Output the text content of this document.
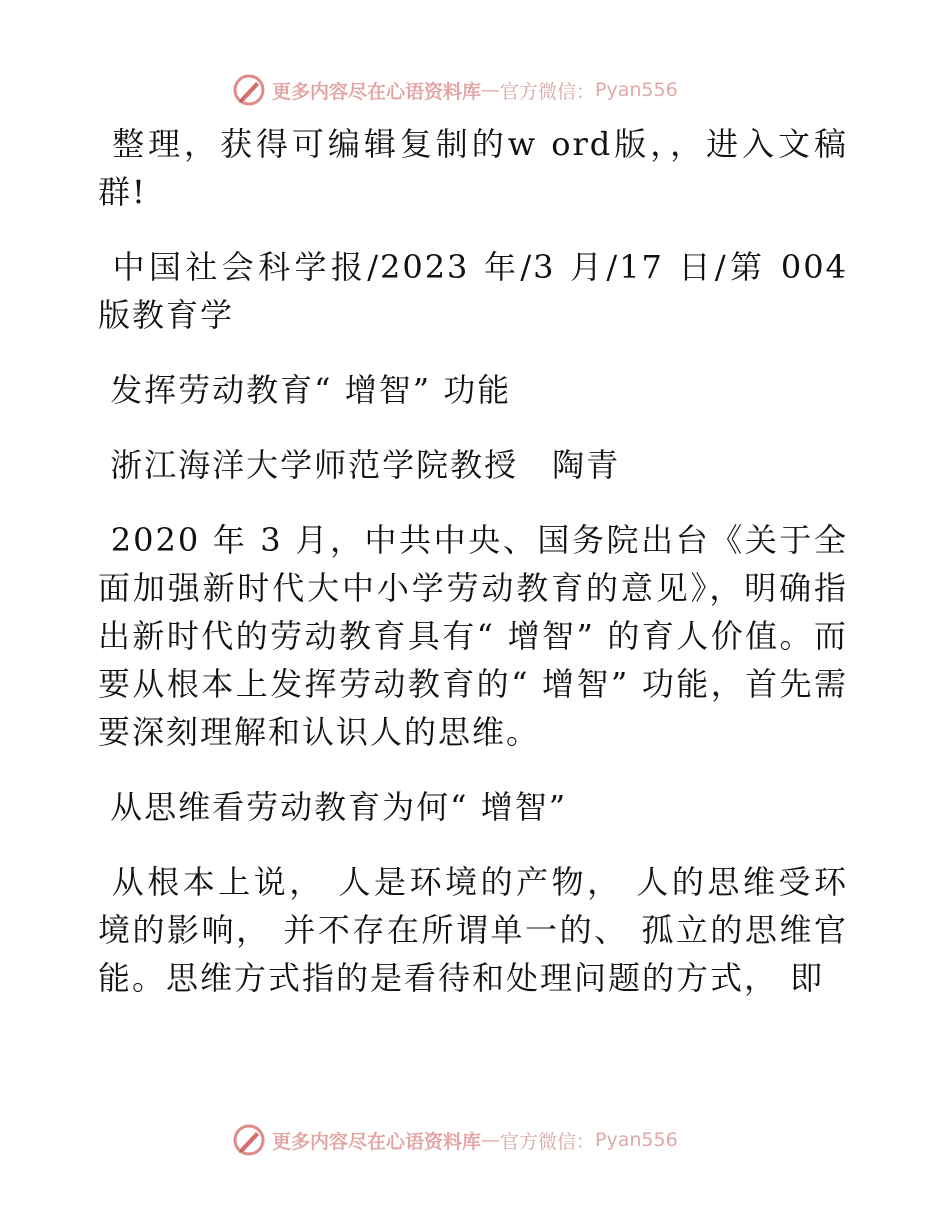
更多内容尽在心语资料库 — 官方微信： Pyan556

整理，获得可编辑复制的w ord版，，进入文稿群!

中国社会科学报/2023 年/3 月/17 日/第 004 版教育学

发挥劳动教育“ 增智” 功能

浙江海洋大学师范学院教授　陶青

2020 年 3 月，中共中央、国务院出台《关于全面加强新时代大中小学劳动教育的意见》，明确指出新时代的劳动教育具有“ 增智” 的育人价值。而要从根本上发挥劳动教育的“ 增智” 功能，首先需要深刻理解和认识人的思维。

从思维看劳动教育为何“ 增智”

从根本上说， 人是环境的产物， 人的思维受环境的影响， 并不存在所谓单一的、 孤立的思维官能。思维方式指的是看待和处理问题的方式， 即

更多内容尽在心语资料库 — 官方微信： Pyan556
